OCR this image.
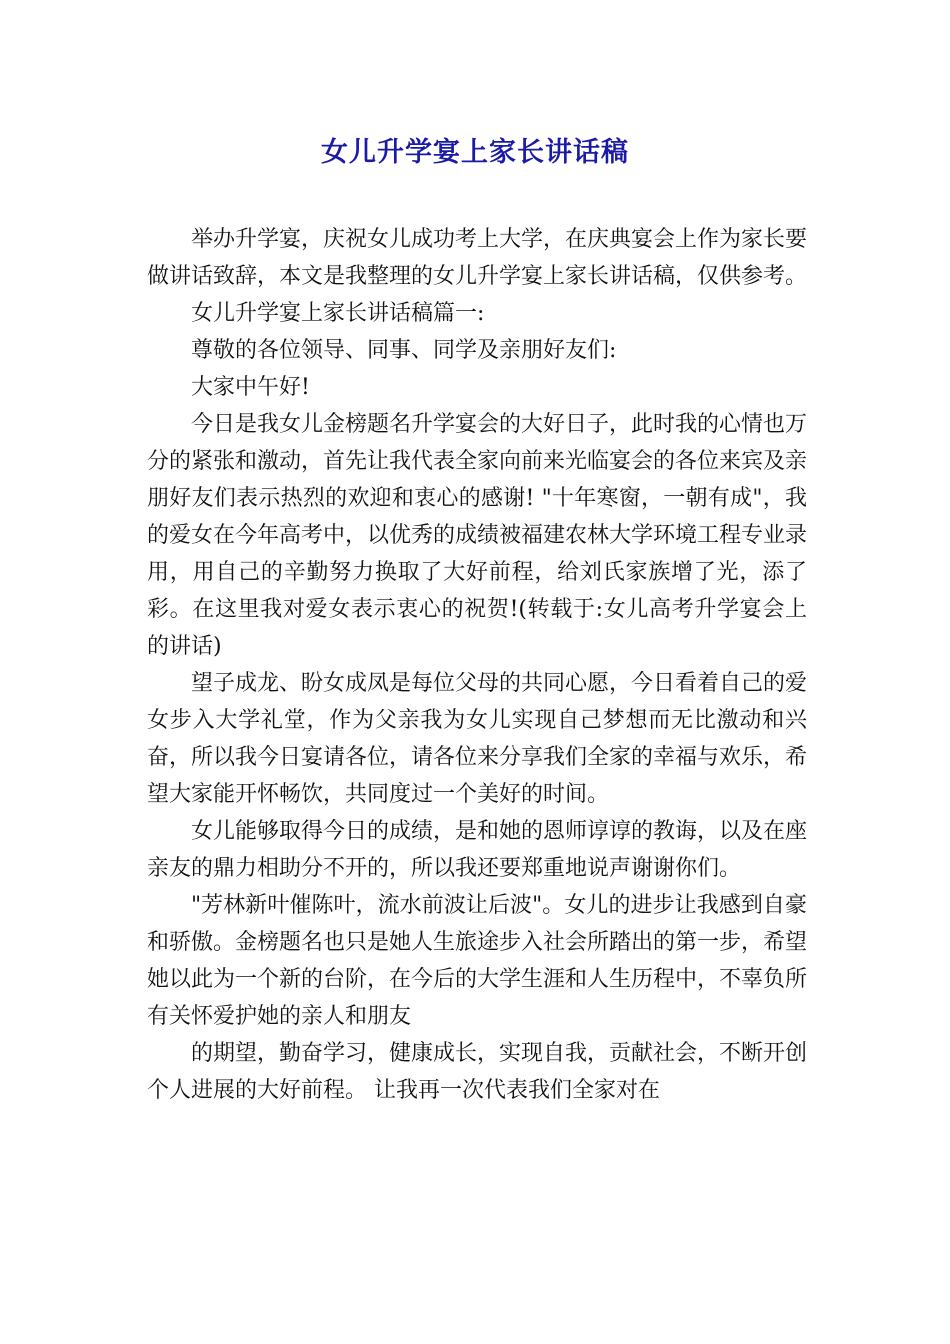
女儿升学宴上家长讲话稿

举办升学宴，庆祝女儿成功考上大学，在庆典宴会上作为家长要做讲话致辞，本文是我整理的女儿升学宴上家长讲话稿，仅供参考。

女儿升学宴上家长讲话稿篇一:

尊敬的各位领导、同事、同学及亲朋好友们:

大家中午好!

今日是我女儿金榜题名升学宴会的大好日子，此时我的心情也万分的紧张和激动，首先让我代表全家向前来光临宴会的各位来宾及亲朋好友们表示热烈的欢迎和衷心的感谢! "十年寒窗，一朝有成"，我的爱女在今年高考中，以优秀的成绩被福建农林大学环境工程专业录用，用自己的辛勤努力换取了大好前程，给刘氏家族增了光，添了彩。在这里我对爱女表示衷心的祝贺!(转载于:女儿高考升学宴会上的讲话)

望子成龙、盼女成凤是每位父母的共同心愿，今日看着自己的爱女步入大学礼堂，作为父亲我为女儿实现自己梦想而无比激动和兴奋，所以我今日宴请各位，请各位来分享我们全家的幸福与欢乐，希望大家能开怀畅饮，共同度过一个美好的时间。

女儿能够取得今日的成绩，是和她的恩师谆谆的教诲，以及在座亲友的鼎力相助分不开的，所以我还要郑重地说声谢谢你们。

"芳林新叶催陈叶，流水前波让后波"。女儿的进步让我感到自豪和骄傲。金榜题名也只是她人生旅途步入社会所踏出的第一步，希望她以此为一个新的台阶，在今后的大学生涯和人生历程中，不辜负所有关怀爱护她的亲人和朋友

的期望，勤奋学习，健康成长，实现自我，贡献社会，不断开创个人进展的大好前程。 让我再一次代表我们全家对在
